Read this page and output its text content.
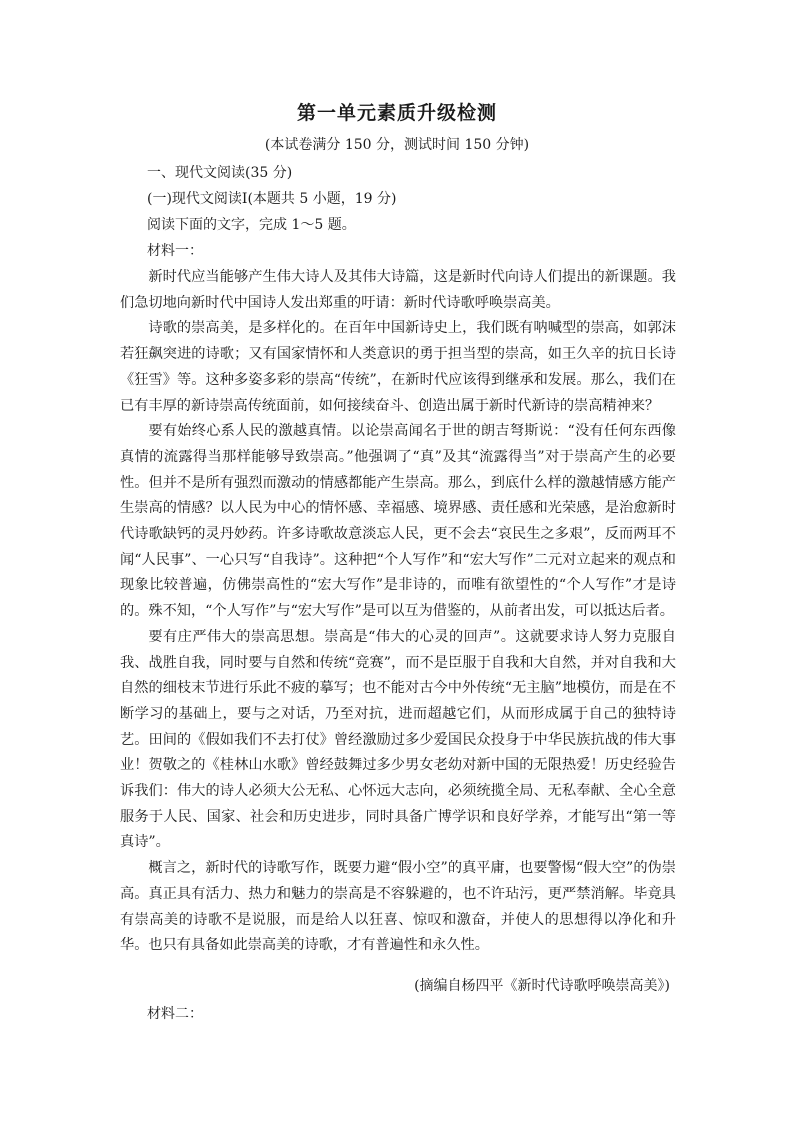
第一单元素质升级检测
(本试卷满分 150 分，测试时间 150 分钟)
一、现代文阅读(35 分)
(一)现代文阅读Ⅰ(本题共 5 小题，19 分)
阅读下面的文字，完成 1～5 题。
材料一：

新时代应当能够产生伟大诗人及其伟大诗篇，这是新时代向诗人们提出的新课题。我们急切地向新时代中国诗人发出郑重的吁请：新时代诗歌呼唤崇高美。

诗歌的崇高美，是多样化的。在百年中国新诗史上，我们既有呐喊型的崇高，如郭沫若狂飙突进的诗歌；又有国家情怀和人类意识的勇于担当型的崇高，如王久辛的抗日长诗《狂雪》等。这种多姿多彩的崇高“传统”，在新时代应该得到继承和发展。那么，我们在已有丰厚的新诗崇高传统面前，如何接续奋斗、创造出属于新时代新诗的崇高精神来？

要有始终心系人民的激越真情。以论崇高闻名于世的朗吉弩斯说：“没有任何东西像真情的流露得当那样能够导致崇高。”他强调了“真”及其“流露得当”对于崇高产生的必要性。但并不是所有强烈而激动的情感都能产生崇高。那么，到底什么样的激越情感方能产生崇高的情感？以人民为中心的情怀感、幸福感、境界感、责任感和光荣感，是治愈新时代诗歌缺钙的灵丹妙药。许多诗歌故意淡忘人民，更不会去“哀民生之多艰”，反而两耳不闻“人民事”、一心只写“自我诗”。这种把“个人写作”和“宏大写作”二元对立起来的观点和现象比较普遍，仿佛崇高性的“宏大写作”是非诗的，而唯有欲望性的“个人写作”才是诗的。殊不知，“个人写作”与“宏大写作”是可以互为借鉴的，从前者出发，可以抵达后者。

要有庄严伟大的崇高思想。崇高是“伟大的心灵的回声”。这就要求诗人努力克服自我、战胜自我，同时要与自然和传统“竞赛”，而不是臣服于自我和大自然，并对自我和大自然的细枝末节进行乐此不疲的摹写；也不能对古今中外传统“无主脑”地模仿，而是在不断学习的基础上，要与之对话，乃至对抗，进而超越它们，从而形成属于自己的独特诗艺。田间的《假如我们不去打仗》曾经激励过多少爱国民众投身于中华民族抗战的伟大事业！贺敬之的《桂林山水歌》曾经鼓舞过多少男女老幼对新中国的无限热爱！历史经验告诉我们：伟大的诗人必须大公无私、心怀远大志向，必须统揽全局、无私奉献、全心全意服务于人民、国家、社会和历史进步，同时具备广博学识和良好学养，才能写出“第一等真诗”。

概言之，新时代的诗歌写作，既要力避“假小空”的真平庸，也要警惕“假大空”的伪崇高。真正具有活力、热力和魅力的崇高是不容躲避的，也不许玷污，更严禁消解。毕竟具有崇高美的诗歌不是说服，而是给人以狂喜、惊叹和激奋，并使人的思想得以净化和升华。也只有具备如此崇高美的诗歌，才有普遍性和永久性。

(摘编自杨四平《新时代诗歌呼唤崇高美》)
材料二：
